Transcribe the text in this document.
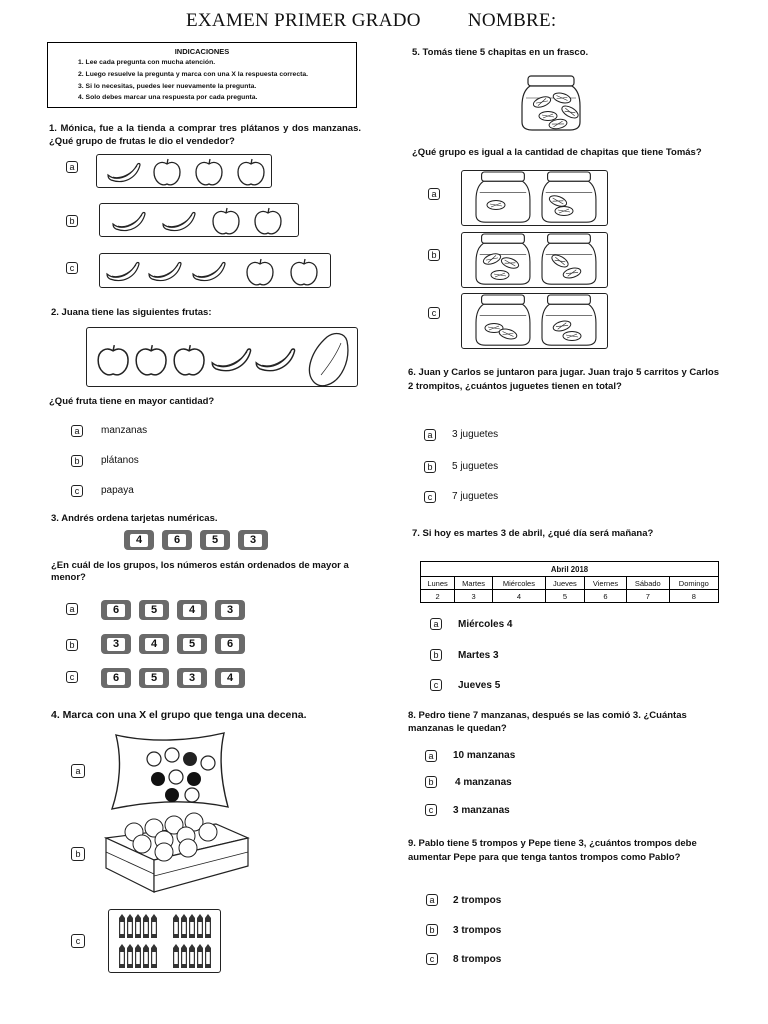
EXAMEN PRIMER GRADO NOMBRE:
INDICACIONES
1. Lee cada pregunta con mucha atención.
2. Luego resuelve la pregunta y marca con una X la respuesta correcta.
3. Si lo necesitas, puedes leer nuevamente la pregunta.
4. Solo debes marcar una respuesta por cada pregunta.
1. Mónica, fue a la tienda a comprar tres plátanos y dos manzanas. ¿Qué grupo de frutas le dio el vendedor?
a
b
c
2. Juana tiene las siguientes frutas:
¿Qué fruta tiene en mayor cantidad?
a	manzanas
b	plátanos
c	papaya
3. Andrés ordena tarjetas numéricas.
4	6	5	3
¿En cuál de los grupos, los números están ordenados de mayor a menor?
a	6	5	4	3
b	3	4	5	6
c	6	5	3	4
4. Marca con una X el grupo que tenga una decena.
a
b
c
5. Tomás tiene 5 chapitas en un frasco.
¿Qué grupo es igual a la cantidad de chapitas que tiene Tomás?
a
b
c
6. Juan y Carlos se juntaron para jugar. Juan trajo 5 carritos y Carlos 2 trompitos, ¿cuántos juguetes tienen en total?
a	3 juguetes
b	5 juguetes
c	7 juguetes
7. Si hoy es martes 3 de abril, ¿qué día será mañana?
Abril 2018						
Lunes	Martes	Miércoles	Jueves	Viernes	Sábado	Domingo
2	3	4	5	6	7	8
a	Miércoles 4
b	Martes 3
c	Jueves 5
8. Pedro tiene 7 manzanas, después se las comió 3. ¿Cuántas manzanas le quedan?
a	10 manzanas
b	4 manzanas
c	3 manzanas
9. Pablo tiene 5 trompos y Pepe tiene 3, ¿cuántos trompos debe aumentar Pepe para que tenga tantos trompos como Pablo?
a	2 trompos
b	3 trompos
c	8 trompos
